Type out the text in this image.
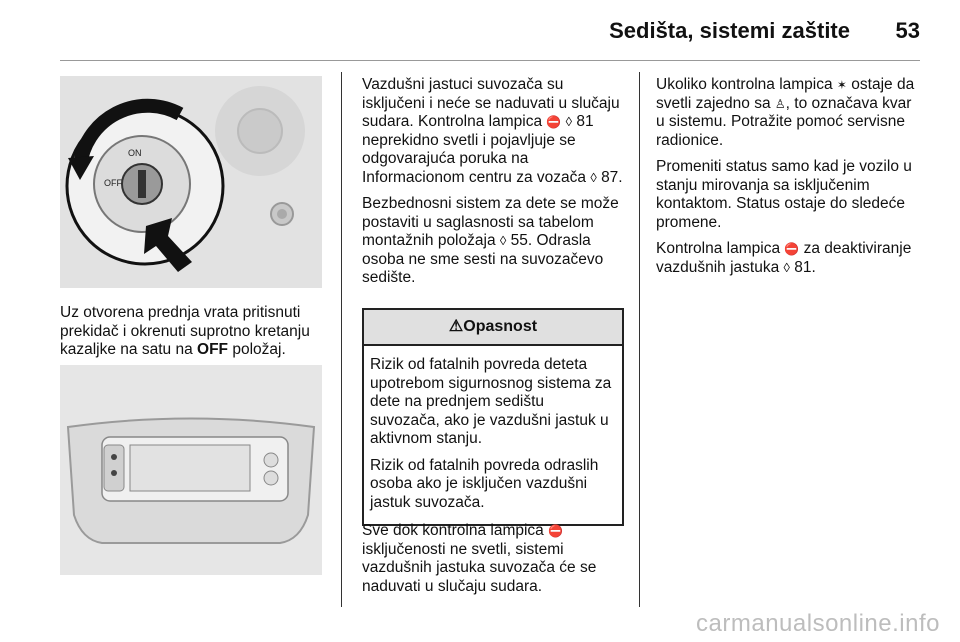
Sedišta, sistemi zaštite 53
ON
OFF

Uz otvorena prednja vrata pritisnuti prekidač i okrenuti suprotno kretanju kazaljke na satu na OFF položaj.

Vazdušni jastuci suvozača su isključeni i neće se naduvati u slučaju sudara. Kontrolna lampica ⛔ ◊ 81 neprekidno svetli i pojavljuje se odgovarajuća poruka na Informacionom centru za vozača ◊ 87.

Bezbednosni sistem za dete se može postaviti u saglasnosti sa tabelom montažnih položaja ◊ 55. Odrasla osoba ne sme sesti na suvozačevo sedište.

⚠Opasnost

Rizik od fatalnih povreda deteta upotrebom sigurnosnog sistema za dete na prednjem sedištu suvozača, ako je vazdušni jastuk u aktivnom stanju.

Rizik od fatalnih povreda odraslih osoba ako je isključen vazdušni jastuk suvozača.

Sve dok kontrolna lampica ⛔ isključenosti ne svetli, sistemi vazdušnih jastuka suvozača će se naduvati u slučaju sudara.

Ukoliko kontrolna lampica ✶ ostaje da svetli zajedno sa ♙, to označava kvar u sistemu. Potražite pomoć servisne radionice.

Promeniti status samo kad je vozilo u stanju mirovanja sa isključenim kontaktom. Status ostaje do sledeće promene.

Kontrolna lampica ⛔ za deaktiviranje vazdušnih jastuka ◊ 81.

carmanualsonline.info
